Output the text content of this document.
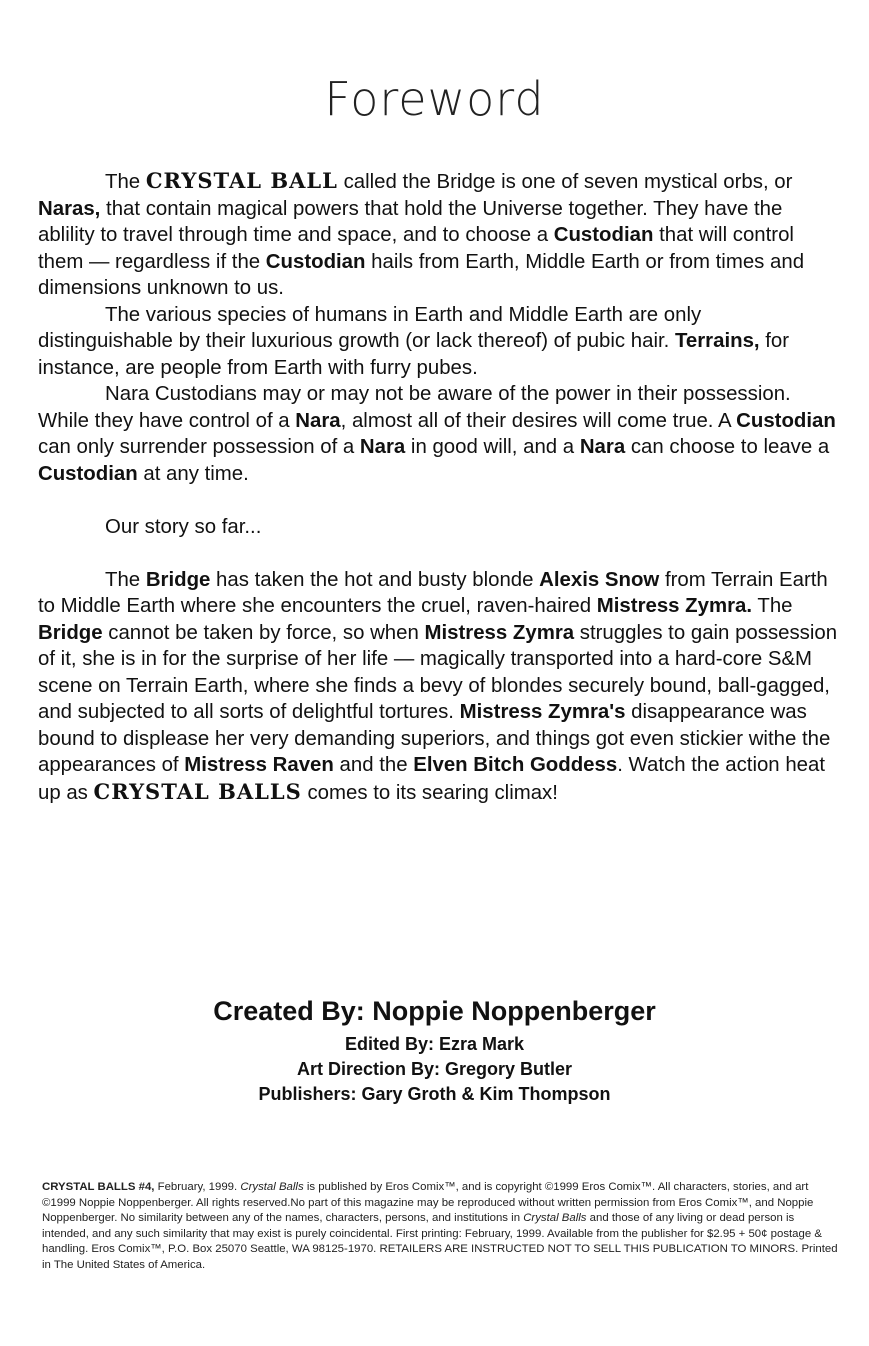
Foreword

The CRYSTAL BALL called the Bridge is one of seven mystical orbs, or Naras, that contain magical powers that hold the Universe together. They have the ablility to travel through time and space, and to choose a Custodian that will control them — regardless if the Custodian hails from Earth, Middle Earth or from times and dimensions unknown to us.

The various species of humans in Earth and Middle Earth are only distinguishable by their luxurious growth (or lack thereof) of pubic hair. Terrains, for instance, are people from Earth with furry pubes.

Nara Custodians may or may not be aware of the power in their possession. While they have control of a Nara, almost all of their desires will come true. A Custodian can only surrender possession of a Nara in good will, and a Nara can choose to leave a Custodian at any time.

Our story so far...

The Bridge has taken the hot and busty blonde Alexis Snow from Terrain Earth to Middle Earth where she encounters the cruel, raven-haired Mistress Zymra. The Bridge cannot be taken by force, so when Mistress Zymra struggles to gain possession of it, she is in for the surprise of her life — magically transported into a hard-core S&M scene on Terrain Earth, where she finds a bevy of blondes securely bound, ball-gagged, and subjected to all sorts of delightful tortures. Mistress Zymra's disappearance was bound to displease her very demanding superiors, and things got even stickier withe the appearances of Mistress Raven and the Elven Bitch Goddess. Watch the action heat up as CRYSTAL BALLS comes to its searing climax!

Created By: Noppie Noppenberger
Edited By: Ezra Mark
Art Direction By: Gregory Butler
Publishers: Gary Groth & Kim Thompson
CRYSTAL BALLS #4, February, 1999. Crystal Balls is published by Eros Comix™, and is copyright ©1999 Eros Comix™. All characters, stories, and art ©1999 Noppie Noppenberger. All rights reserved.No part of this magazine may be reproduced without written permission from Eros Comix™, and Noppie Noppenberger. No similarity between any of the names, characters, persons, and institutions in Crystal Balls and those of any living or dead person is intended, and any such similarity that may exist is purely coincidental. First printing: February, 1999. Available from the publisher for $2.95 + 50¢ postage & handling. Eros Comix™, P.O. Box 25070 Seattle, WA 98125-1970. RETAILERS ARE INSTRUCTED NOT TO SELL THIS PUBLICATION TO MINORS. Printed in The United States of America.
